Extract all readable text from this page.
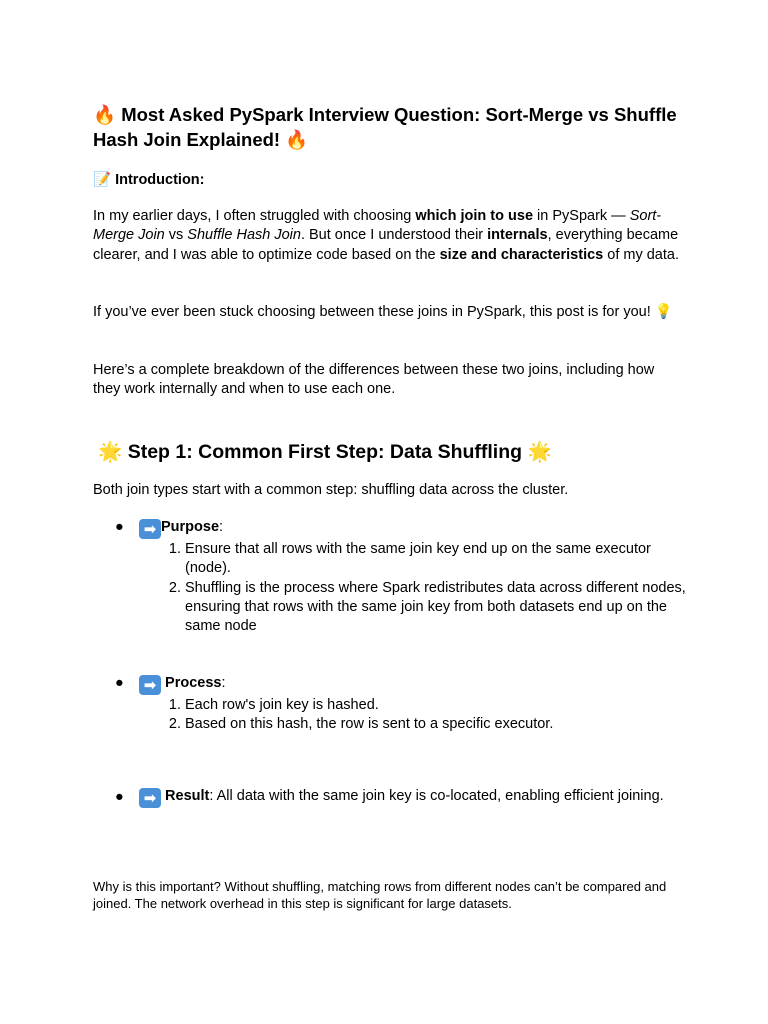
🔥 Most Asked PySpark Interview Question: Sort-Merge vs Shuffle Hash Join Explained! 🔥
📝 Introduction:

In my earlier days, I often struggled with choosing which join to use in PySpark — Sort-Merge Join vs Shuffle Hash Join. But once I understood their internals, everything became clearer, and I was able to optimize code based on the size and characteristics of my data.

If you’ve ever been stuck choosing between these joins in PySpark, this post is for you! 💡

Here’s a complete breakdown of the differences between these two joins, including how they work internally and when to use each one.

🌟 Step 1: Common First Step: Data Shuffling 🌟

Both join types start with a common step: shuffling data across the cluster.

●	➡ Purpose:
1. Ensure that all rows with the same join key end up on the same executor (node).
2. Shuffling is the process where Spark redistributes data across different nodes, ensuring that rows with the same join key from both datasets end up on the same node
●	➡ Process:
1. Each row's join key is hashed.
2. Based on this hash, the row is sent to a specific executor.
●	➡ Result: All data with the same join key is co-located, enabling efficient joining.

Why is this important? Without shuffling, matching rows from different nodes can’t be compared and joined. The network overhead in this step is significant for large datasets.
